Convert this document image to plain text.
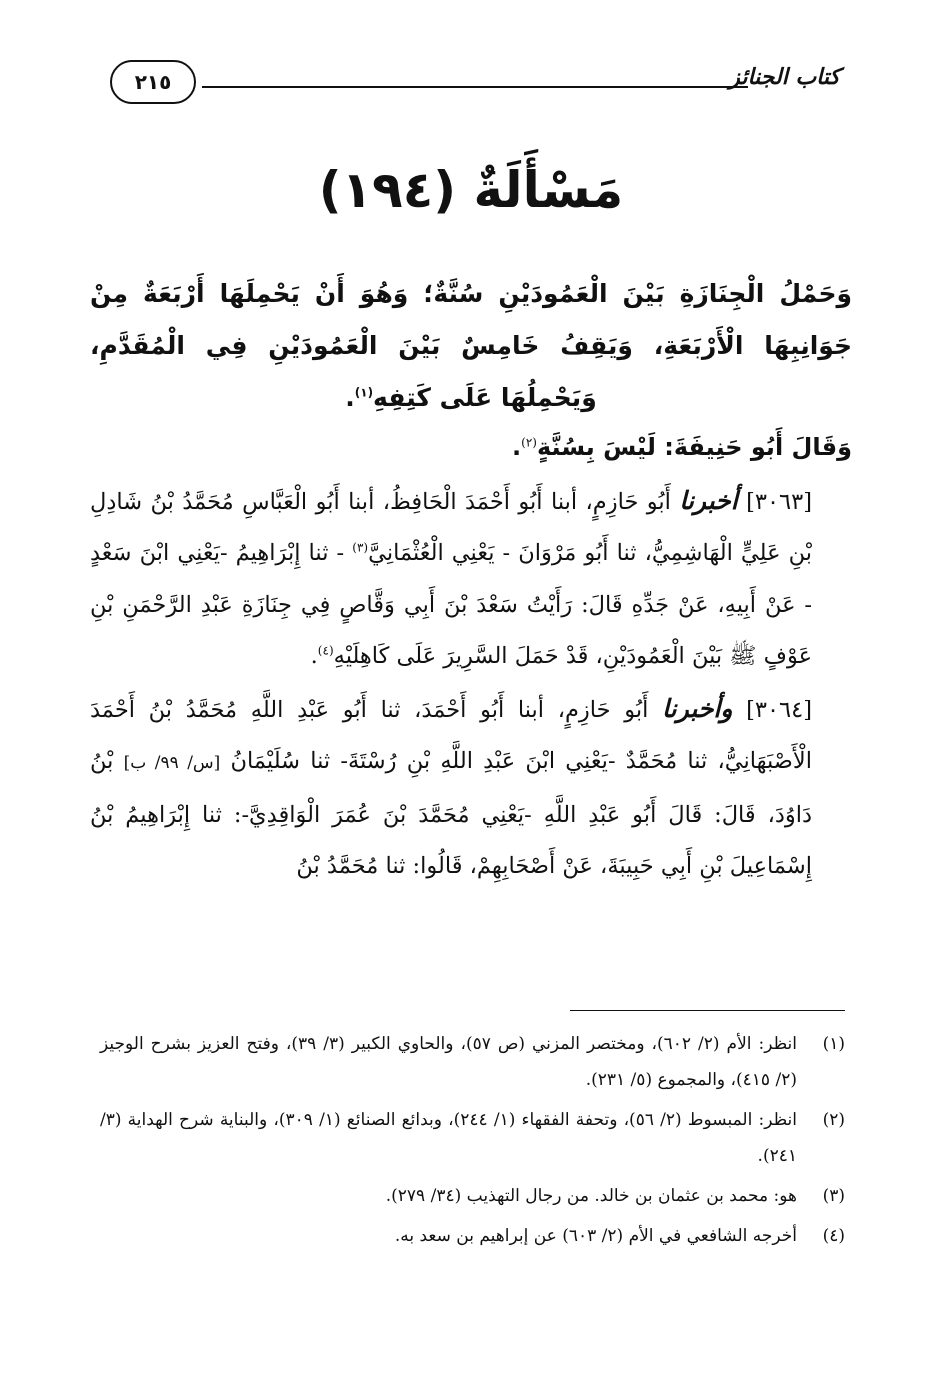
كتاب الجنائز
٢١٥
مَسْأَلَةٌ (١٩٤)
وَحَمْلُ الْجِنَازَةِ بَيْنَ الْعَمُودَيْنِ سُنَّةٌ؛ وَهُوَ أَنْ يَحْمِلَهَا أَرْبَعَةٌ مِنْ جَوَانِبِهَا الْأَرْبَعَةِ، وَيَقِفُ خَامِسٌ بَيْنَ الْعَمُودَيْنِ فِي الْمُقَدَّمِ، وَيَحْمِلُهَا عَلَى كَتِفِهِ$^{(١)}$.

وَقَالَ أَبُو حَنِيفَةَ: لَيْسَ بِسُنَّةٍ$^{(٢)}$.

[٣٠٦٣] أخبرنا أَبُو حَازِمٍ، أبنا أَبُو أَحْمَدَ الْحَافِظُ، أبنا أَبُو الْعَبَّاسِ مُحَمَّدُ بْنُ شَادِلِ بْنِ عَلِيٍّ الْهَاشِمِيُّ، ثنا أَبُو مَرْوَانَ - يَعْنِي الْعُثْمَانِيَّ$^{(٣)}$ - ثنا إِبْرَاهِيمُ -يَعْنِي ابْنَ سَعْدٍ - عَنْ أَبِيهِ، عَنْ جَدِّهِ قَالَ: رَأَيْتُ سَعْدَ بْنَ أَبِي وَقَّاصٍ فِي جِنَازَةِ عَبْدِ الرَّحْمَنِ بْنِ عَوْفٍ ﷺ بَيْنَ الْعَمُودَيْنِ، قَدْ حَمَلَ السَّرِيرَ عَلَى كَاهِلَيْهِ$^{(٤)}$.

[٣٠٦٤] وأخبرنا أَبُو حَازِمٍ، أبنا أَبُو أَحْمَدَ، ثنا أَبُو عَبْدِ اللَّهِ مُحَمَّدُ بْنُ أَحْمَدَ الْأَصْبَهَانِيُّ، ثنا مُحَمَّدٌ -يَعْنِي ابْنَ عَبْدِ اللَّهِ بْنِ رُسْتَةَ- ثنا سُلَيْمَانُ [س/ ٩٩/ ب] بْنُ دَاوُدَ، قَالَ: قَالَ أَبُو عَبْدِ اللَّهِ -يَعْنِي مُحَمَّدَ بْنَ عُمَرَ الْوَاقِدِيَّ-: ثنا إِبْرَاهِيمُ بْنُ إِسْمَاعِيلَ بْنِ أَبِي حَبِيبَةَ، عَنْ أَصْحَابِهِمْ، قَالُوا: ثنا مُحَمَّدُ بْنُ

(١)
انظر: الأم (٢/ ٦٠٢)، ومختصر المزني (ص ٥٧)، والحاوي الكبير (٣/ ٣٩)، وفتح العزيز بشرح الوجيز (٢/ ٤١٥)، والمجموع (٥/ ٢٣١).
(٢)
انظر: المبسوط (٢/ ٥٦)، وتحفة الفقهاء (١/ ٢٤٤)، وبدائع الصنائع (١/ ٣٠٩)، والبناية شرح الهداية (٣/ ٢٤١).
(٣)
هو: محمد بن عثمان بن خالد. من رجال التهذيب (٣٤/ ٢٧٩).
(٤)
أخرجه الشافعي في الأم (٢/ ٦٠٣) عن إبراهيم بن سعد به.
